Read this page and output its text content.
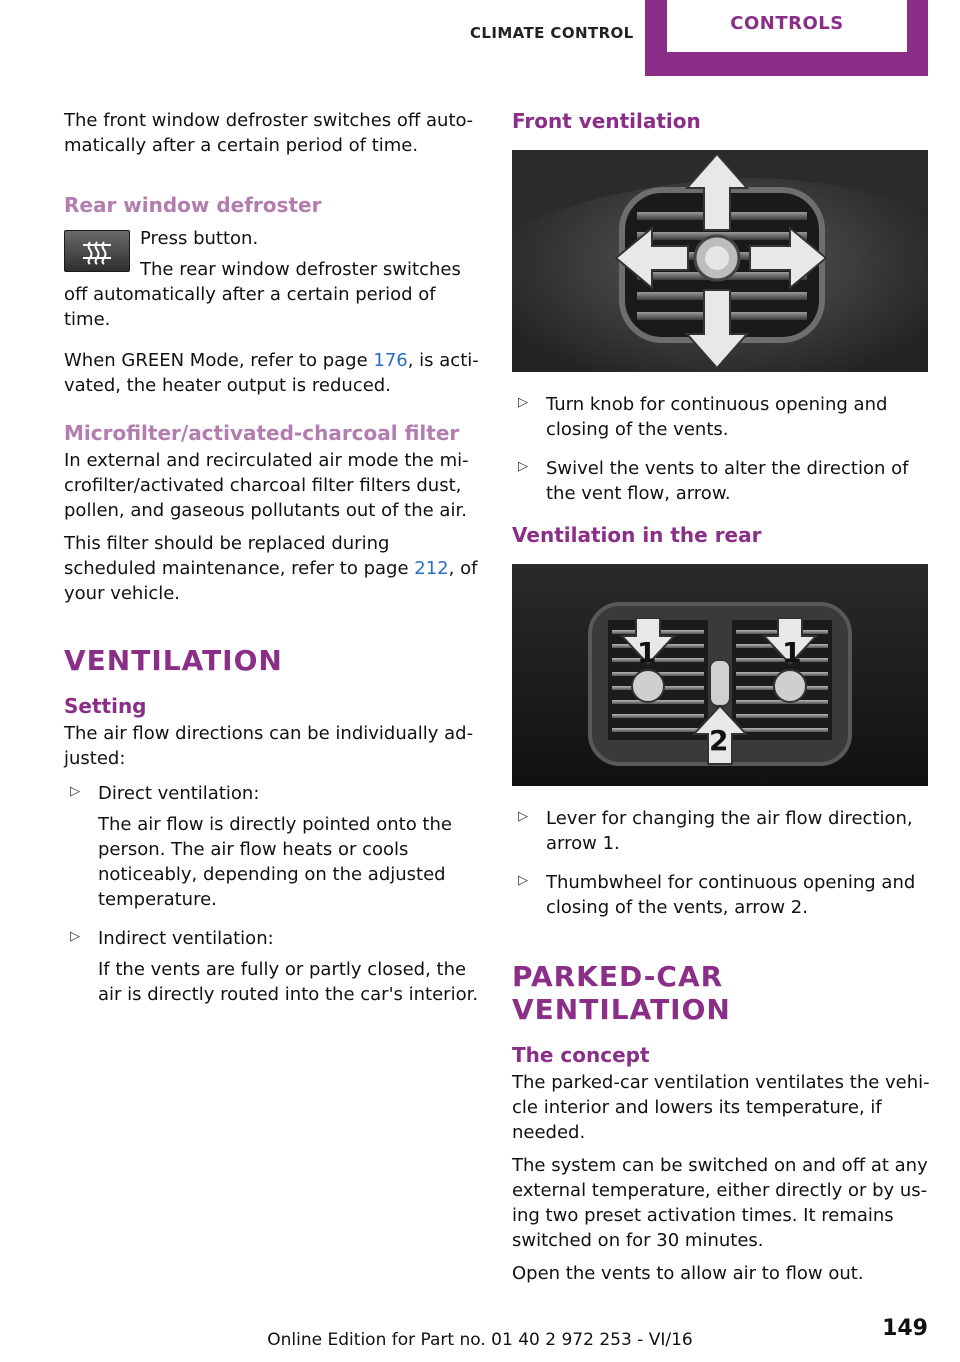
CLIMATE CONTROL	CONTROLS

The front window defroster switches off automatically after a certain period of time.

Rear window defroster

Press button.

The rear window defroster switches off automatically after a certain period of time.

When GREEN Mode, refer to page 176, is activated, the heater output is reduced.

Microfilter/activated-charcoal filter

In external and recirculated air mode the microfilter/activated charcoal filter filters dust, pollen, and gaseous pollutants out of the air.

This filter should be replaced during scheduled maintenance, refer to page 212, of your vehicle.

VENTILATION
Setting

The air flow directions can be individually adjusted:

▷ Direct ventilation:

The air flow is directly pointed onto the person. The air flow heats or cools noticeably, depending on the adjusted temperature.

▷ Indirect ventilation:

If the vents are fully or partly closed, the air is directly routed into the car's interior.

Front ventilation
▷ Turn knob for continuous opening and closing of the vents.

▷ Swivel the vents to alter the direction of the vent flow, arrow.

Ventilation in the rear
1	1
2
▷ Lever for changing the air flow direction, arrow 1.

▷ Thumbwheel for continuous opening and closing of the vents, arrow 2.

PARKED-CAR VENTILATION
The concept

The parked-car ventilation ventilates the vehicle interior and lowers its temperature, if needed.

The system can be switched on and off at any external temperature, either directly or by using two preset activation times. It remains switched on for 30 minutes.

Open the vents to allow air to flow out.

Online Edition for Part no. 01 40 2 972 253 - VI/16	149
